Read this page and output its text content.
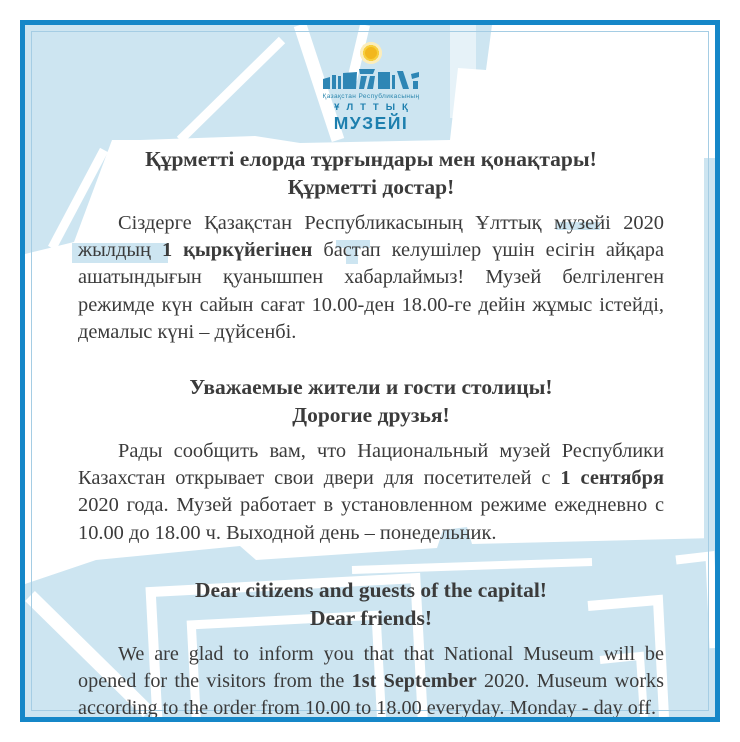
Қазақстан Республикасының
ҰЛТТЫҚ
МУЗЕЙІ
Құрметті елорда тұрғындары мен қонақтары!
Құрметті достар!
Сіздерге Қазақстан Республикасының Ұлттық музейі 2020 жылдың 1 қыркүйегінен бастап келушілер үшін есігін айқара ашатындығын қуанышпен хабарлаймыз! Музей белгіленген режимде күн сайын сағат 10.00-ден 18.00-ге дейін жұмыс істейді, демалыс күні – дүйсенбі.
Уважаемые жители и гости столицы!
Дорогие друзья!
Рады сообщить вам, что Национальный музей Республики Казахстан открывает свои двери для посетителей с 1 сентября 2020 года. Музей работает в установленном режиме ежедневно с 10.00 до 18.00 ч. Выходной день – понедельник.
Dear citizens and guests of the capital!
Dear friends!
We are glad to inform you that that National Museum will be opened for the visitors from the 1st September 2020. Museum works according to the order from 10.00 to 18.00 everyday. Monday - day off.
